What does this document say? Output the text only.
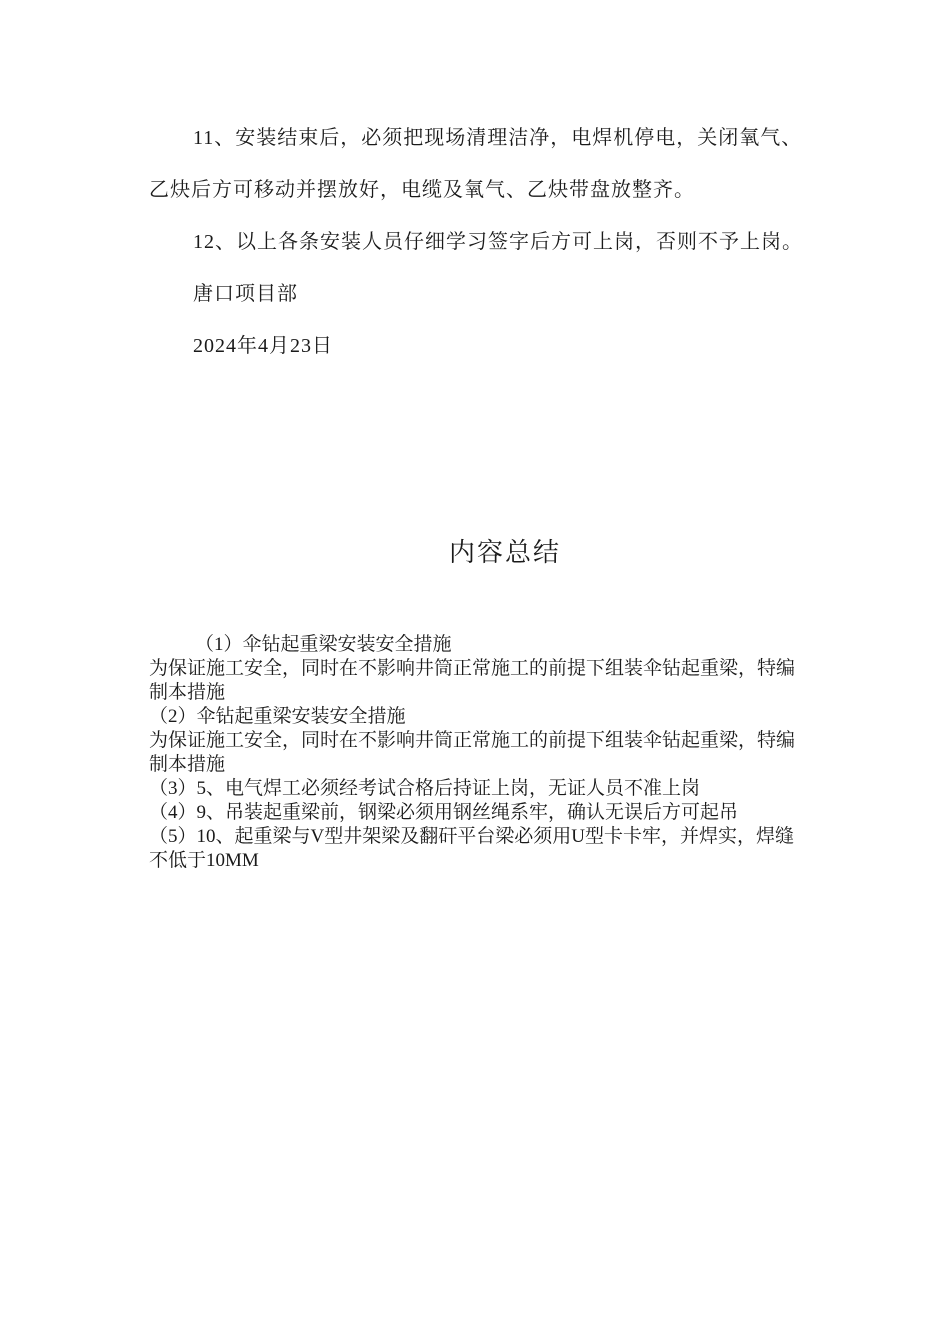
11、安装结束后，必须把现场清理洁净，电焊机停电，关闭氧气、乙炔后方可移动并摆放好，电缆及氧气、乙炔带盘放整齐。

12、以上各条安装人员仔细学习签字后方可上岗，否则不予上岗。

唐口项目部

2024年4月23日

内容总结

（1）伞钻起重梁安装安全措施

为保证施工安全，同时在不影响井筒正常施工的前提下组装伞钻起重梁，特编制本措施

（2）伞钻起重梁安装安全措施

为保证施工安全，同时在不影响井筒正常施工的前提下组装伞钻起重梁，特编制本措施

（3）5、电气焊工必须经考试合格后持证上岗，无证人员不准上岗

（4）9、吊装起重梁前，钢梁必须用钢丝绳系牢，确认无误后方可起吊

（5）10、起重梁与V型井架梁及翻矸平台梁必须用U型卡卡牢，并焊实，焊缝不低于10MM
